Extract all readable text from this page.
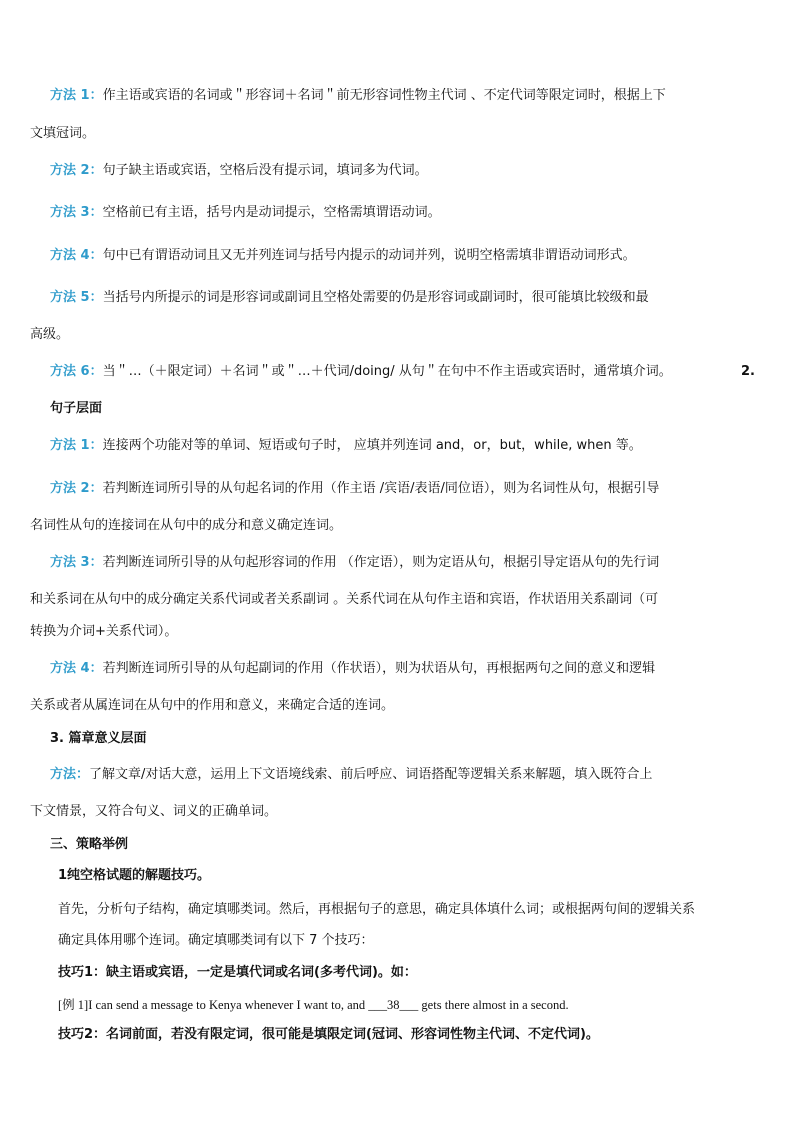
方法 1：作主语或宾语的名词或＂形容词＋名词＂前无形容词性物主代词 、不定代词等限定词时，根据上下
文填冠词。
方法 2：句子缺主语或宾语，空格后没有提示词，填词多为代词。
方法 3：空格前已有主语，括号内是动词提示，空格需填谓语动词。
方法 4：句中已有谓语动词且又无并列连词与括号内提示的动词并列，说明空格需填非谓语动词形式。
方法 5：当括号内所提示的词是形容词或副词且空格处需要的仍是形容词或副词时，很可能填比较级和最
高级。
方法 6：当＂…（＋限定词）＋名词＂或＂…＋代词/doing/ 从句＂在句中不作主语或宾语时，通常填介词。	2.
句子层面
方法 1：连接两个功能对等的单词、短语或句子时， 应填并列连词 and，or，but，while, when 等。
方法 2：若判断连词所引导的从句起名词的作用（作主语 /宾语/表语/同位语），则为名词性从句，根据引导
名词性从句的连接词在从句中的成分和意义确定连词。
方法 3：若判断连词所引导的从句起形容词的作用 （作定语），则为定语从句，根据引导定语从句的先行词
和关系词在从句中的成分确定关系代词或者关系副词 。关系代词在从句作主语和宾语，作状语用关系副词（可
转换为介词+关系代词）。
方法 4：若判断连词所引导的从句起副词的作用（作状语），则为状语从句，再根据两句之间的意义和逻辑
关系或者从属连词在从句中的作用和意义，来确定合适的连词。
3. 篇章意义层面
方法：了解文章/对话大意，运用上下文语境线索、前后呼应、词语搭配等逻辑关系来解题，填入既符合上
下文情景，又符合句义、词义的正确单词。
三、策略举例
1纯空格试题的解题技巧。
首先，分析句子结构，确定填哪类词。然后，再根据句子的意思，确定具体填什么词；或根据两句间的逻辑关系
确定具体用哪个连词。确定填哪类词有以下 7 个技巧：
技巧1：缺主语或宾语，一定是填代词或名词(多考代词)。如：
[例 1]I can send a message to Kenya whenever I want to, and ___38___ gets there almost in a second.
技巧2：名词前面，若没有限定词，很可能是填限定词(冠词、形容词性物主代词、不定代词)。
